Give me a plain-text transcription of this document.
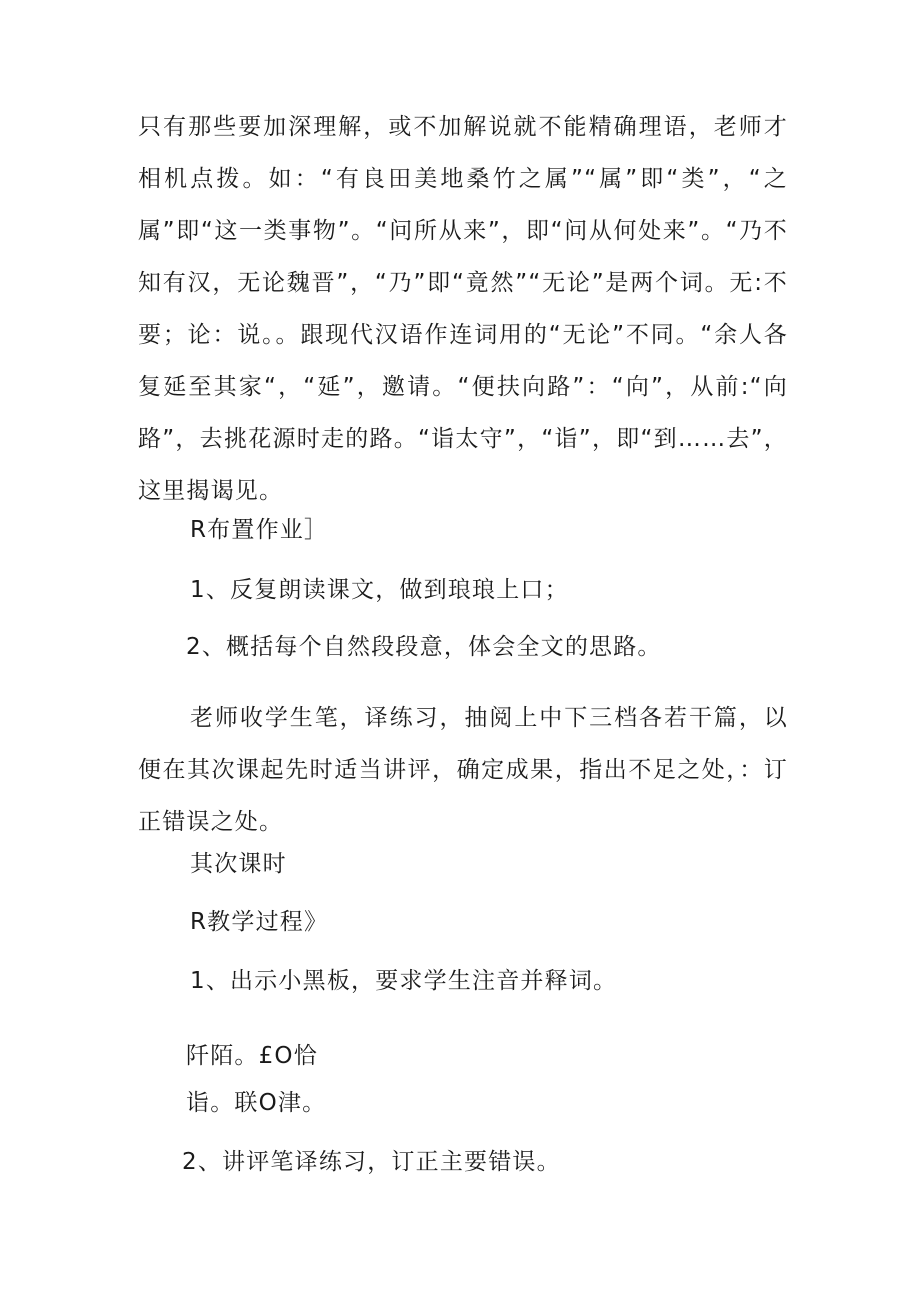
只有那些要加深理解，或不加解说就不能精确理语，老师才相机点拨。如：“有良田美地桑竹之属”“属”即“类”，“之属”即“这一类事物”。“问所从来”，即“问从何处来”。“乃不知有汉，无论魏晋”，“乃”即“竟然”“无论”是两个词。无:不要；论：说。。跟现代汉语作连词用的“无论”不同。“余人各复延至其家“，“延”，邀请。“便扶向路”：“向”，从前:“向路”，去挑花源时走的路。“诣太守”，“诣”，即“到……去”，这里揭谒见。

R布置作业］

1、反复朗读课文，做到琅琅上口；

2、概括每个自然段段意，体会全文的思路。

老师收学生笔，译练习，抽阅上中下三档各若干篇，以便在其次课起先时适当讲评，确定成果，指出不足之处，：订正错误之处。

其次课时

R教学过程》

1、出示小黑板，要求学生注音并释词。

阡陌。£O恰

诣。联O津。

2、讲评笔译练习，订正主要错误。
